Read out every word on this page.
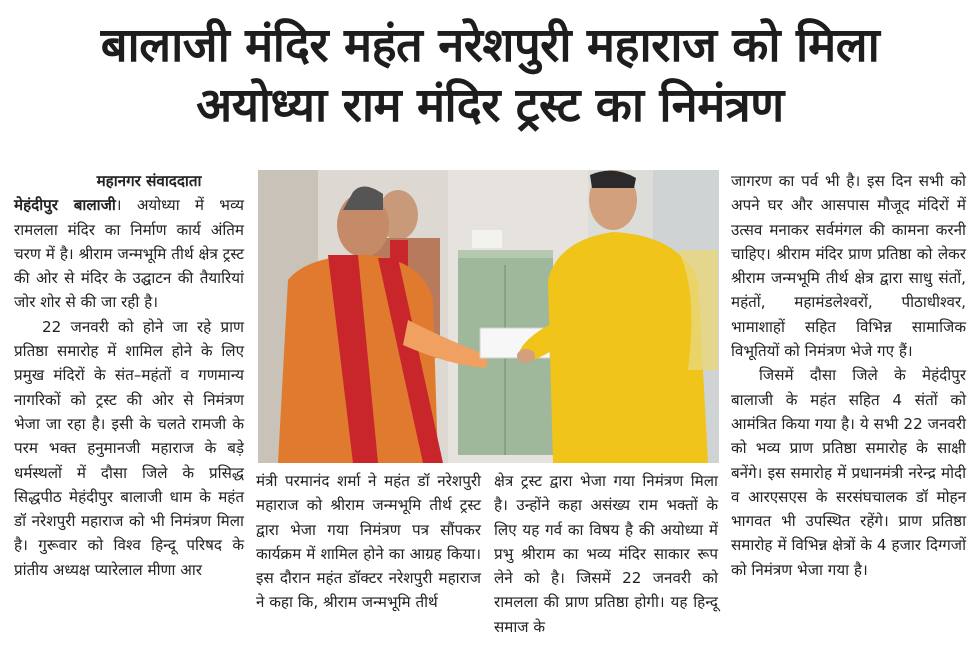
बालाजी मंदिर महंत नरेशपुरी महाराज को मिला
अयोध्या राम मंदिर ट्रस्ट का निमंत्रण
महानगर संवाददाता

मेहंदीपुर बालाजी। अयोध्या में भव्य रामलला मंदिर का निर्माण कार्य अंतिम चरण में है। श्रीराम जन्मभूमि तीर्थ क्षेत्र ट्रस्ट की ओर से मंदिर के उद्घाटन की तैयारियां जोर शोर से की जा रही है।

22 जनवरी को होने जा रहे प्राण प्रतिष्ठा समारोह में शामिल होने के लिए प्रमुख मंदिरों के संत–महंतों व गणमान्य नागरिकों को ट्रस्ट की ओर से निमंत्रण भेजा जा रहा है। इसी के चलते रामजी के परम भक्त हनुमानजी महाराज के बड़े धर्मस्थलों में दौसा जिले के प्रसिद्ध सिद्धपीठ मेहंदीपुर बालाजी धाम के महंत डॉ नरेशपुरी महाराज को भी निमंत्रण मिला है। गुरूवार को विश्व हिन्दू परिषद के प्रांतीय अध्यक्ष प्यारेलाल मीणा आर

मंत्री परमानंद शर्मा ने महंत डॉ नरेशपुरी महाराज को श्रीराम जन्मभूमि तीर्थ ट्रस्ट द्वारा भेजा गया निमंत्रण पत्र सौंपकर कार्यक्रम में शामिल होने का आग्रह किया। इस दौरान महंत डॉक्टर नरेशपुरी महाराज ने कहा कि, श्रीराम जन्मभूमि तीर्थ

क्षेत्र ट्रस्ट द्वारा भेजा गया निमंत्रण मिला है। उन्होंने कहा असंख्य राम भक्तों के लिए यह गर्व का विषय है की अयोध्या में प्रभु श्रीराम का भव्य मंदिर साकार रूप लेने को है। जिसमें 22 जनवरी को रामलला की प्राण प्रतिष्ठा होगी। यह हिन्दू समाज के

जागरण का पर्व भी है। इस दिन सभी को अपने घर और आसपास मौजूद मंदिरों में उत्सव मनाकर सर्वमंगल की कामना करनी चाहिए। श्रीराम मंदिर प्राण प्रतिष्ठा को लेकर श्रीराम जन्मभूमि तीर्थ क्षेत्र द्वारा साधु संतों, महंतों, महामंडलेश्वरों, पीठाधीश्वर, भामाशाहों सहित विभिन्न सामाजिक विभूतियों को निमंत्रण भेजे गए हैं।

जिसमें दौसा जिले के मेहंदीपुर बालाजी के महंत सहित 4 संतों को आमंत्रित किया गया है। ये सभी 22 जनवरी को भव्य प्राण प्रतिष्ठा समारोह के साक्षी बनेंगे। इस समारोह में प्रधानमंत्री नरेन्द्र मोदी व आरएसएस के सरसंघचालक डॉ मोहन भागवत भी उपस्थित रहेंगे। प्राण प्रतिष्ठा समारोह में विभिन्न क्षेत्रों के 4 हजार दिग्गजों को निमंत्रण भेजा गया है।
